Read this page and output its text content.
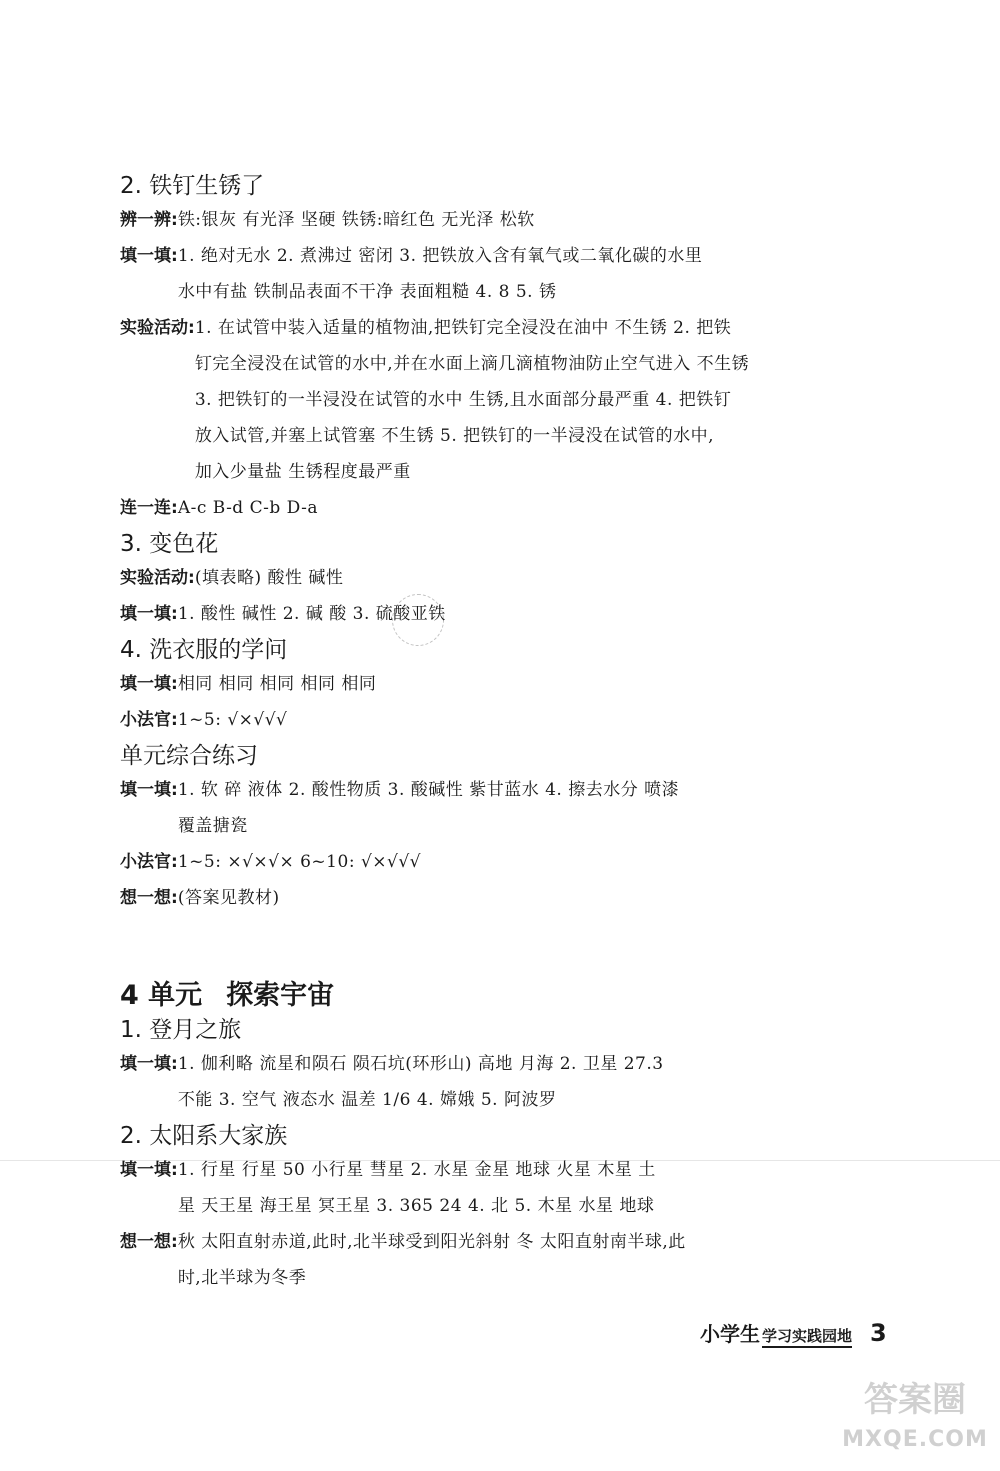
2. 铁钉生锈了
辨一辨: 铁:银灰 有光泽 坚硬 铁锈:暗红色 无光泽 松软
填一填: 1. 绝对无水 2. 煮沸过 密闭 3. 把铁放入含有氧气或二氧化碳的水里
水中有盐 铁制品表面不干净 表面粗糙 4. 8 5. 锈
实验活动: 1. 在试管中装入适量的植物油,把铁钉完全浸没在油中 不生锈 2. 把铁
钉完全浸没在试管的水中,并在水面上滴几滴植物油防止空气进入 不生锈
3. 把铁钉的一半浸没在试管的水中 生锈,且水面部分最严重 4. 把铁钉
放入试管,并塞上试管塞 不生锈 5. 把铁钉的一半浸没在试管的水中,
加入少量盐 生锈程度最严重
连一连: A-c B-d C-b D-a
3. 变色花
实验活动: (填表略) 酸性 碱性
填一填: 1. 酸性 碱性 2. 碱 酸 3. 硫酸亚铁
4. 洗衣服的学问
填一填: 相同 相同 相同 相同 相同
小法官: 1~5: √×√√√
单元综合练习
填一填: 1. 软 碎 液体 2. 酸性物质 3. 酸碱性 紫甘蓝水 4. 擦去水分 喷漆
覆盖搪瓷
小法官: 1~5: ×√×√× 6~10: √×√√√
想一想: (答案见教材)
4 单元 探索宇宙
1. 登月之旅
填一填: 1. 伽利略 流星和陨石 陨石坑(环形山) 高地 月海 2. 卫星 27.3
不能 3. 空气 液态水 温差 1/6 4. 嫦娥 5. 阿波罗
2. 太阳系大家族
填一填: 1. 行星 行星 50 小行星 彗星 2. 水星 金星 地球 火星 木星 土
星 天王星 海王星 冥王星 3. 365 24 4. 北 5. 木星 水星 地球
想一想: 秋 太阳直射赤道,此时,北半球受到阳光斜射 冬 太阳直射南半球,此
时,北半球为冬季
小学生 学习实践园地 3
答案圈
MXQE.COM
